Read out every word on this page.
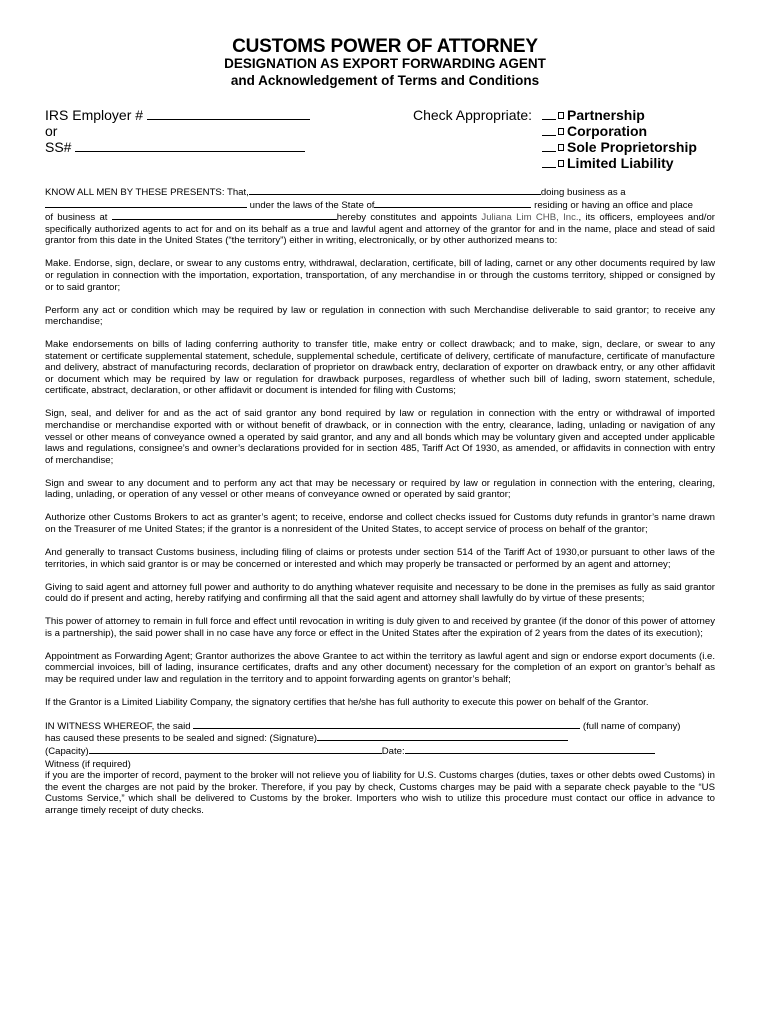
CUSTOMS POWER OF ATTORNEY
DESIGNATION AS EXPORT FORWARDING AGENT
and Acknowledgement of Terms and Conditions
IRS Employer #
or
SS#
Check Appropriate:	Partnership
Corporation
Sole Proprietorship
Limited Liability

KNOW ALL MEN BY THESE PRESENTS: That,	doing business as a
under the laws of the State of	residing or having an office and place
of business at	hereby constitutes and appoints Juliana Lim CHB, Inc., its officers, employees and/or specifically authorized agents to act for and on its behalf as a true and lawful agent and attorney of the grantor for and in the name, place and stead of said grantor from this date in the United States (“the territory”) either in writing, electronically, or by other authorized means to:

Make. Endorse, sign, declare, or swear to any customs entry, withdrawal, declaration, certificate, bill of lading, carnet or any other documents required by law or regulation in connection with the importation, exportation, transportation, of any merchandise in or through the customs territory, shipped or consigned by or to said grantor;

Perform any act or condition which may be required by law or regulation in connection with such Merchandise deliverable to said grantor; to receive any merchandise;

Make endorsements on bills of lading conferring authority to transfer title, make entry or collect drawback; and to make, sign, declare, or swear to any statement or certificate supplemental statement, schedule, supplemental schedule, certificate of delivery, certificate of manufacture, certificate of manufacture and delivery, abstract of manufacturing records, declaration of proprietor on drawback entry, declaration of exporter on drawback entry, or any other affidavit or document which may be required by law or regulation for drawback purposes, regardless of whether such bill of lading, sworn statement, schedule, certificate, abstract, declaration, or other affidavit or document is intended for filing with Customs;

Sign, seal, and deliver for and as the act of said grantor any bond required by law or regulation in connection with the entry or withdrawal of imported merchandise or merchandise exported with or without benefit of drawback, or in connection with the entry, clearance, lading, unlading or navigation of any vessel or other means of conveyance owned a operated by said grantor, and any and all bonds which may be voluntary given and accepted under applicable laws and regulations, consignee’s and owner’s declarations provided for in section 485, Tariff Act Of 1930, as amended, or affidavits in connection with entry of merchandise;

Sign and swear to any document and to perform any act that may be necessary or required by law or regulation in connection with the entering, clearing, lading, unlading, or operation of any vessel or other means of conveyance owned or operated by said grantor;

Authorize other Customs Brokers to act as granter’s agent; to receive, endorse and collect checks issued for Customs duty refunds in grantor’s name drawn on the Treasurer of me United States; if the grantor is a nonresident of the United States, to accept service of process on behalf of the grantor;

And generally to transact Customs business, including filing of claims or protests under section 514 of the Tariff Act of 1930,or pursuant to other laws of the territories, in which said grantor is or may be concerned or interested and which may properly be transacted or performed by an agent and attorney;

Giving to said agent and attorney full power and authority to do anything whatever requisite and necessary to be done in the premises as fully as said grantor could do if present and acting, hereby ratifying and confirming all that the said agent and attorney shall lawfully do by virtue of these presents;

This power of attorney to remain in full force and effect until revocation in writing is duly given to and received by grantee (if the donor of this power of attorney is a partnership), the said power shall in no case have any force or effect in the United States after the expiration of 2 years from the dates of its execution);

Appointment as Forwarding Agent; Grantor authorizes the above Grantee to act within the territory as lawful agent and sign or endorse export documents (i.e. commercial invoices, bill of lading, insurance certificates, drafts and any other document) necessary for the completion of an export on grantor’s behalf as may be required under law and regulation in the territory and to appoint forwarding agents on grantor’s behalf;

If the Grantor is a Limited Liability Company, the signatory certifies that he/she has full authority to execute this power on behalf of the Grantor.

IN WITNESS WHEREOF, the said	(full name of company)
has caused these presents to be sealed and signed: (Signature)
(Capacity)	Date:
Witness (if required)

if you are the importer of record, payment to the broker will not relieve you of liability for U.S. Customs charges (duties, taxes or other debts owed Customs) in the event the charges are not paid by the broker. Therefore, if you pay by check, Customs charges may be paid with a separate check payable to the “US Customs Service,” which shall be delivered to Customs by the broker. Importers who wish to utilize this procedure must contact our office in advance to arrange timely receipt of duty checks.
